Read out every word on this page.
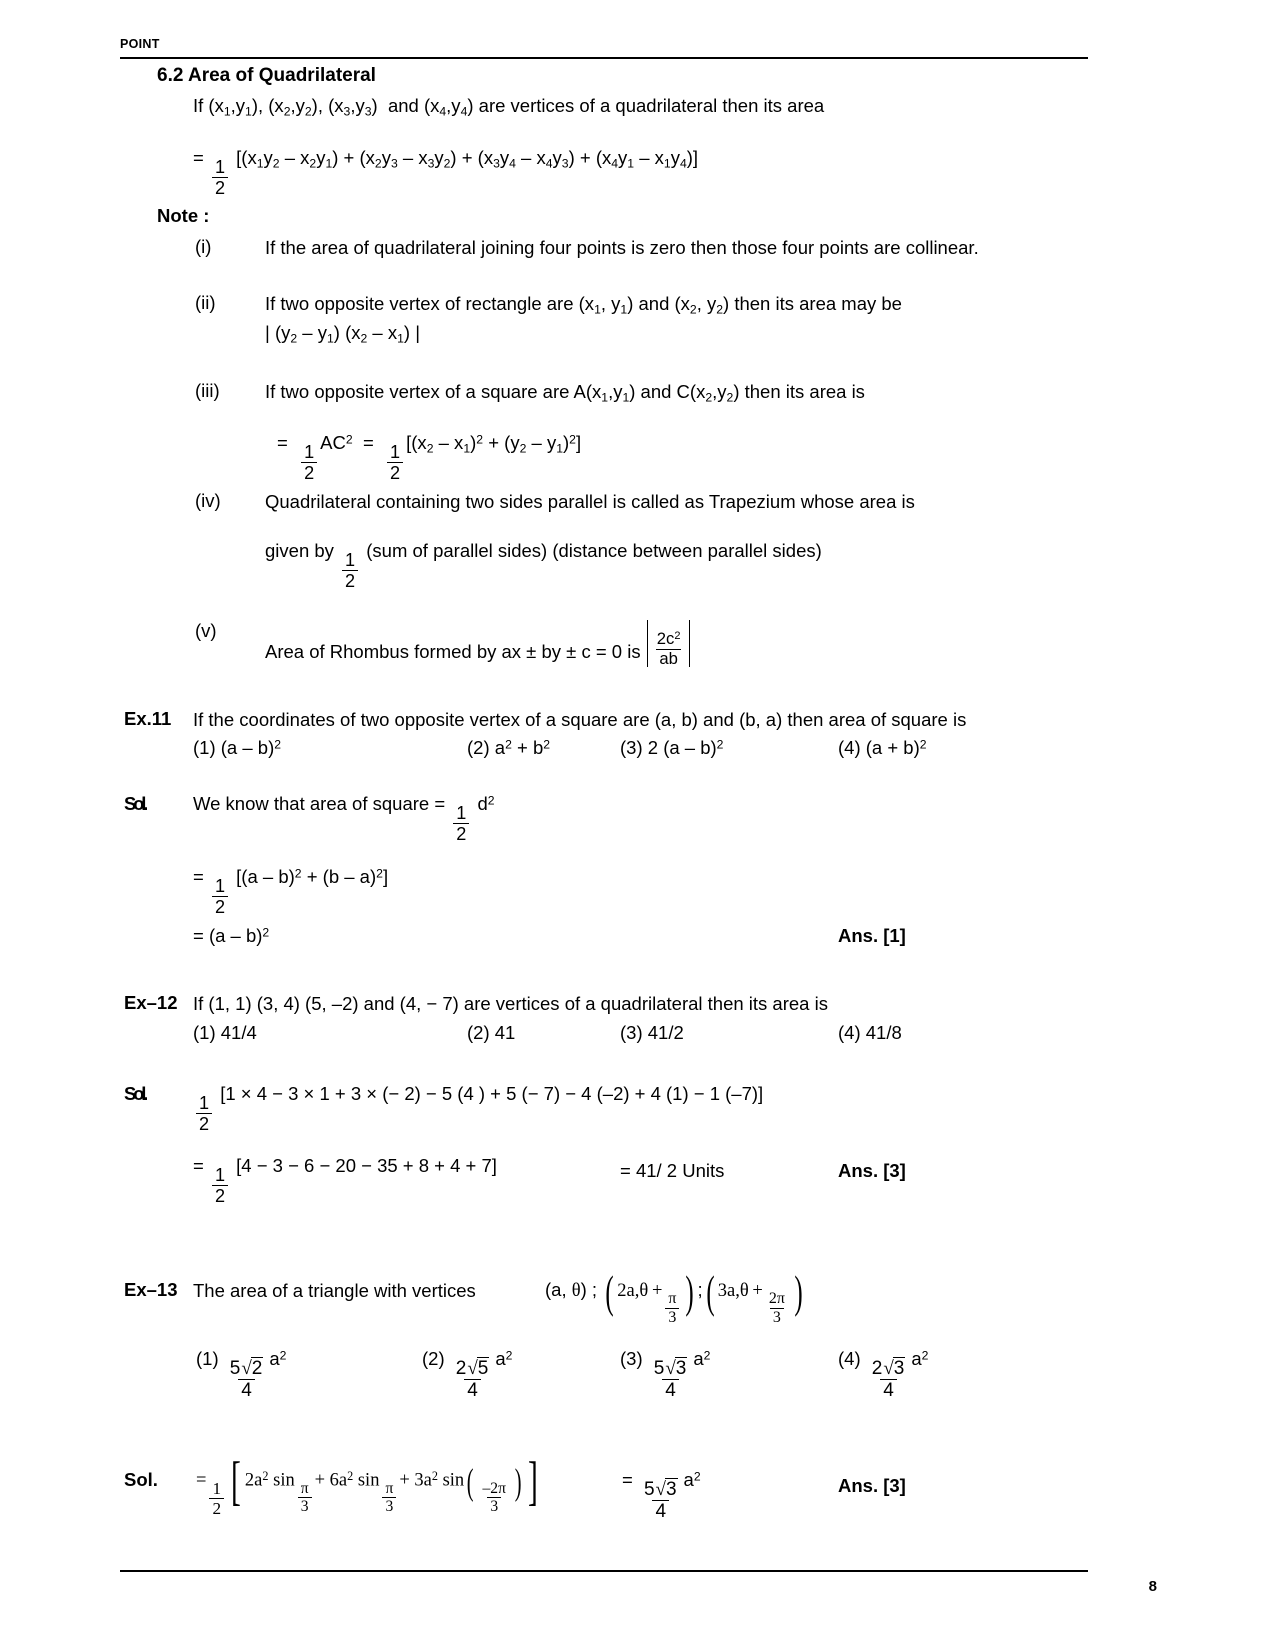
POINT
6.2 Area of Quadrilateral
If $(x_1,y_1)$, $(x_2,y_2)$, $(x_3,y_3)$  and $(x_4,y_4)$ are vertices of a quadrilateral then its area
=
$\frac{1}{2}$
$[(x_1y_2 - x_2y_1) + (x_2y_3 - x_3y_2) + (x_3y_4 - x_4y_3) + (x_4y_1 - x_1y_4)]$
Note :
(i)	If the area of quadrilateral joining four points is zero then those four points are collinear.
(ii)	If two opposite vertex of rectangle are ($x_1$, $y_1$) and ($x_2$, $y_2$) then its area may be
| $(y_2 - y_1)$ $(x_2 - x_1)$ |
(iii) If two opposite vertex of a square are $A(x_1,y_1)$ and $C(x_2,y_2)$ then its area is
=
$\frac{1}{2}$
$AC^2$  =
$\frac{1}{2}$
$[(x_2 - x_1)^2 + (y_2 - y_1)^2]$
(iv) Quadrilateral containing two sides parallel is called as Trapezium whose area is
given by
$\frac{1}{2}$
(sum of parallel sides) (distance between parallel sides)
(v)
Area of Rhombus formed by ax ± by ± c = 0 is $\frac{2c^2}{ab}$
Ex.11 If the coordinates of two opposite vertex of a square are (a, b) and (b, a) then area of square is
(1) (a – b)$^2$	(2) $a^2 + b^2$	(3) 2 (a – b)$^2$	(4) $(a + b)^2$
Sol.	We know that area of square =
$\frac{1}{2}$
$d^2$
=
$\frac{1}{2}$
[(a – b)$^2$ + (b – a)$^2$]
= (a – b)$^2$	Ans. [1]
Ex–12 If (1, 1) (3, 4) (5, –2) and (4, − 7) are vertices of a quadrilateral then its area is
(1) 41/4	(2) 41	(3) 41/2	(4) 41/8
Sol.
$\frac{1}{2}$
[1 × 4 − 3 × 1 + 3 × (− 2) − 5 (4 ) + 5 (− 7) − 4 (–2) + 4 (1) − 1 (–7)]
=
$\frac{1}{2}$
[4 − 3 − 6 − 20 − 35 + 8 + 4 + 7]	= 41/ 2 Units	Ans. [3]
Ex–13 The area of a triangle with vertices	(a, θ) ; ( 2a,θ +
$\frac{\pi}{3}$ ) ;( 3a,θ +
$\frac{2\pi}{3}$ )
(1)
$\frac{5√2}{4}$
$a^2$	(2)
$\frac{2√5}{4}$
$a^2$	(3)
$\frac{5√3}{4}$
$a^2$	(4)
$\frac{2√3}{4}$
$a^2$
Sol. = $\frac{1}{2}$ [ $2a^2$ sin
$\frac{\pi}{3}$
+ $6a^2$ sin
$\frac{\pi}{3}$
+ $3a^2$ $\sin( \frac{-2\pi}{3}$ ) ]	=
$\frac{5√3}{4}$
$a^2$	Ans. [3]
8
